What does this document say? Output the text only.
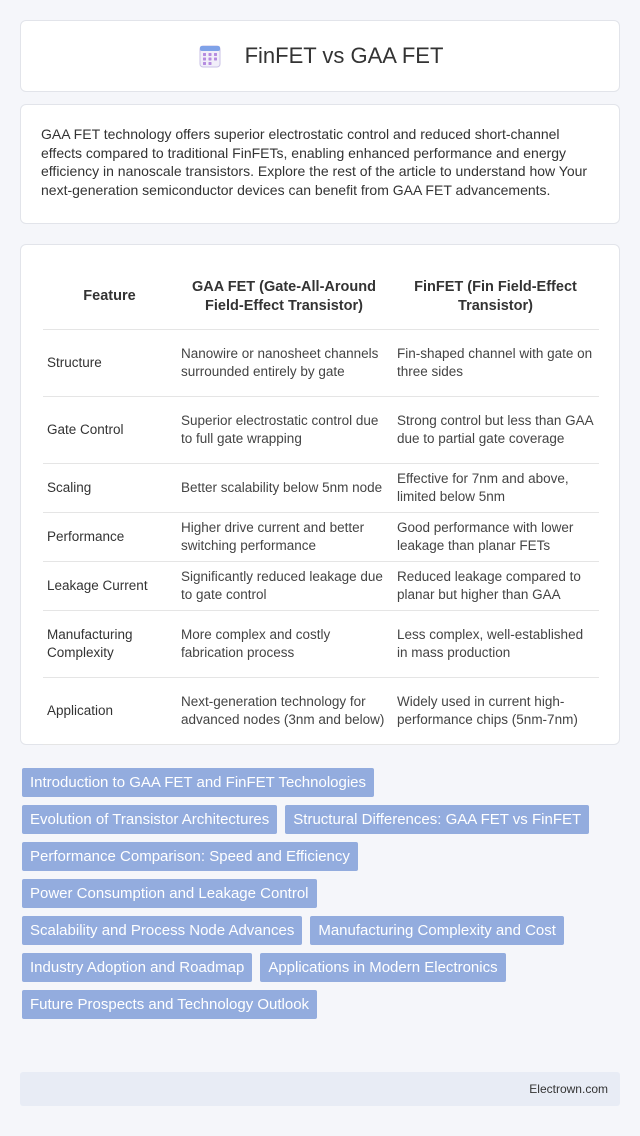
FinFET vs GAA FET

GAA FET technology offers superior electrostatic control and reduced short-channel effects compared to traditional FinFETs, enabling enhanced performance and energy efficiency in nanoscale transistors. Explore the rest of the article to understand how Your next-generation semiconductor devices can benefit from GAA FET advancements.

Feature	GAA FET (Gate-All-Around Field-Effect Transistor)	FinFET (Fin Field-Effect Transistor)
Structure	Nanowire or nanosheet channels surrounded entirely by gate	Fin-shaped channel with gate on three sides
Gate Control	Superior electrostatic control due to full gate wrapping	Strong control but less than GAA due to partial gate coverage
Scaling	Better scalability below 5nm node	Effective for 7nm and above, limited below 5nm
Performance	Higher drive current and better switching performance	Good performance with lower leakage than planar FETs
Leakage Current	Significantly reduced leakage due to gate control	Reduced leakage compared to planar but higher than GAA
Manufacturing Complexity	More complex and costly fabrication process	Less complex, well-established in mass production
Application	Next-generation technology for advanced nodes (3nm and below)	Widely used in current high-performance chips (5nm-7nm)
Introduction to GAA FET and FinFET Technologies
Evolution of Transistor Architectures	Structural Differences: GAA FET vs FinFET
Performance Comparison: Speed and Efficiency
Power Consumption and Leakage Control
Scalability and Process Node Advances	Manufacturing Complexity and Cost
Industry Adoption and Roadmap	Applications in Modern Electronics
Future Prospects and Technology Outlook
Electrown.com
